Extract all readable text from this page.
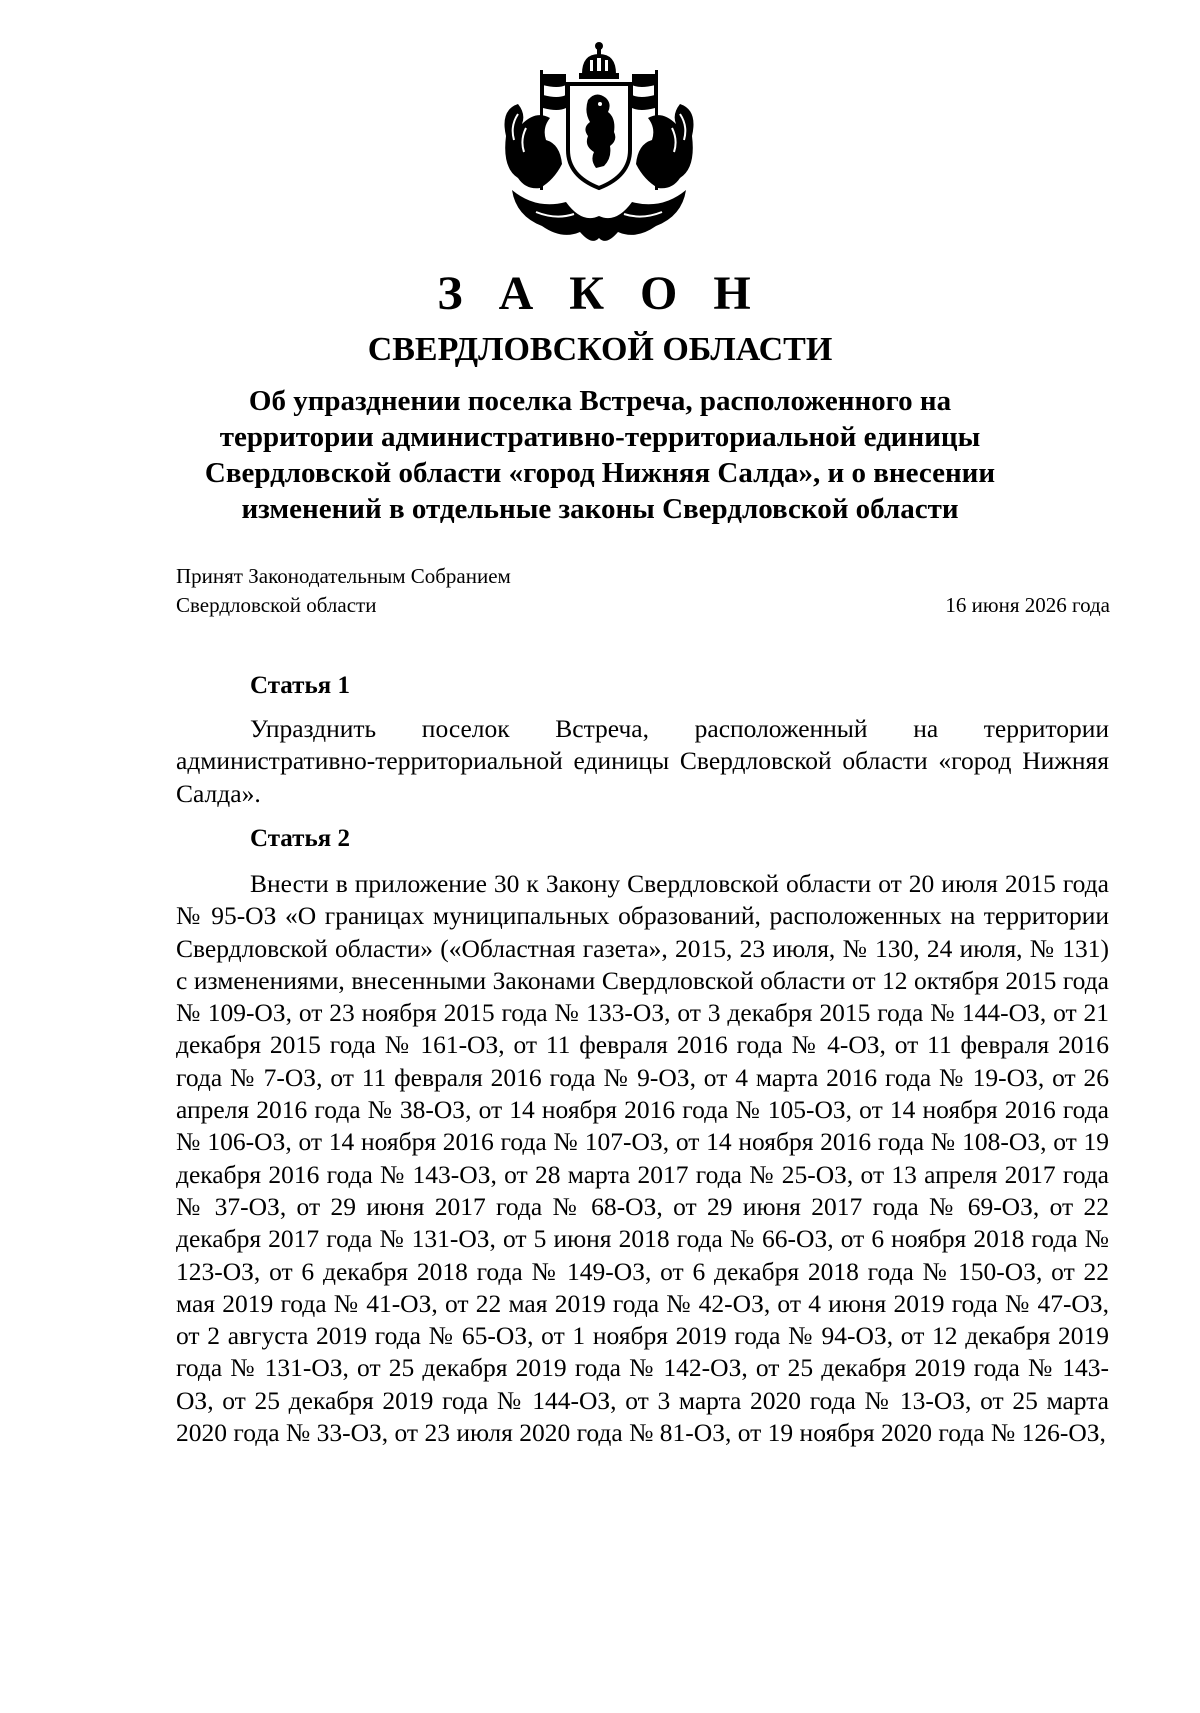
З А К О Н
СВЕРДЛОВСКОЙ ОБЛАСТИ

Об упразднении поселка Встреча, расположенного на территории административно-территориальной единицы Свердловской области «город Нижняя Салда», и о внесении изменений в отдельные законы Свердловской области

Принят Законодательным Собранием
Свердловской области	16 июня 2026 года

Статья 1

Упразднить поселок Встреча, расположенный на территории административно-территориальной единицы Свердловской области «город Нижняя Салда».

Статья 2

Внести в приложение 30 к Закону Свердловской области от 20 июля 2015 года № 95-ОЗ «О границах муниципальных образований, расположенных на территории Свердловской области» («Областная газета», 2015, 23 июля, № 130, 24 июля, № 131) с изменениями, внесенными Законами Свердловской области от 12 октября 2015 года № 109-ОЗ, от 23 ноября 2015 года № 133-ОЗ, от 3 декабря 2015 года № 144-ОЗ, от 21 декабря 2015 года № 161-ОЗ, от 11 февраля 2016 года № 4-ОЗ, от 11 февраля 2016 года № 7-ОЗ, от 11 февраля 2016 года № 9-ОЗ, от 4 марта 2016 года № 19-ОЗ, от 26 апреля 2016 года № 38-ОЗ, от 14 ноября 2016 года № 105-ОЗ, от 14 ноября 2016 года № 106-ОЗ, от 14 ноября 2016 года № 107-ОЗ, от 14 ноября 2016 года № 108-ОЗ, от 19 декабря 2016 года № 143-ОЗ, от 28 марта 2017 года № 25-ОЗ, от 13 апреля 2017 года № 37-ОЗ, от 29 июня 2017 года № 68-ОЗ, от 29 июня 2017 года № 69-ОЗ, от 22 декабря 2017 года № 131-ОЗ, от 5 июня 2018 года № 66-ОЗ, от 6 ноября 2018 года № 123-ОЗ, от 6 декабря 2018 года № 149-ОЗ, от 6 декабря 2018 года № 150-ОЗ, от 22 мая 2019 года № 41-ОЗ, от 22 мая 2019 года № 42-ОЗ, от 4 июня 2019 года № 47-ОЗ, от 2 августа 2019 года № 65-ОЗ, от 1 ноября 2019 года № 94-ОЗ, от 12 декабря 2019 года № 131-ОЗ, от 25 декабря 2019 года № 142-ОЗ, от 25 декабря 2019 года № 143-ОЗ, от 25 декабря 2019 года № 144-ОЗ, от 3 марта 2020 года № 13-ОЗ, от 25 марта 2020 года № 33-ОЗ, от 23 июля 2020 года № 81-ОЗ, от 19 ноября 2020 года № 126-ОЗ,
